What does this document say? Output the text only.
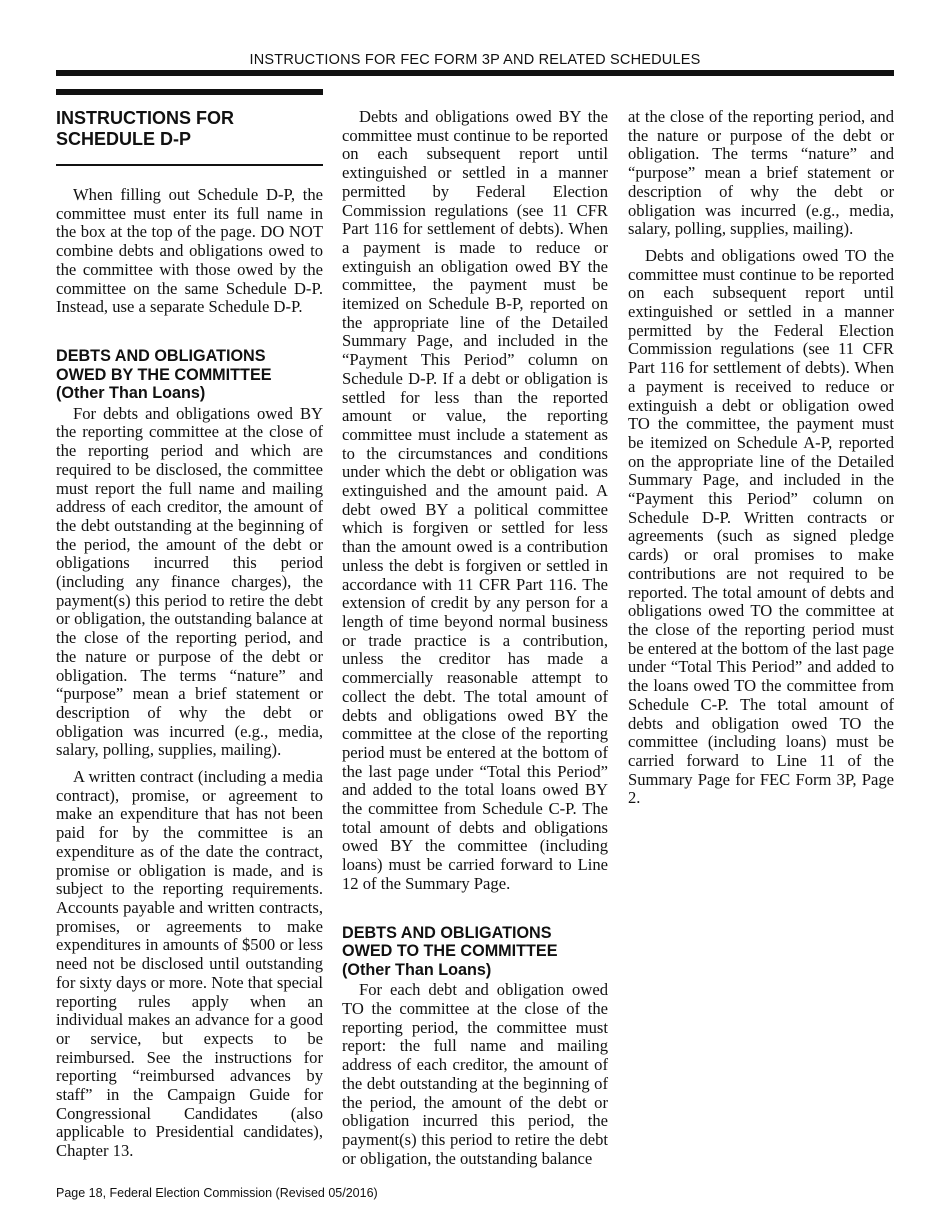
INSTRUCTIONS FOR FEC FORM 3P AND RELATED SCHEDULES
INSTRUCTIONS FOR
SCHEDULE D-P

When filling out Schedule D-P, the committee must enter its full name in the box at the top of the page. DO NOT combine debts and obligations owed to the committee with those owed by the committee on the same Schedule D-P. Instead, use a separate Schedule D-P.

DEBTS AND OBLIGATIONS
OWED BY THE COMMITTEE
(Other Than Loans)

For debts and obligations owed BY the reporting committee at the close of the reporting period and which are required to be disclosed, the committee must report the full name and mailing address of each creditor, the amount of the debt outstanding at the beginning of the period, the amount of the debt or obligations incurred this period (including any finance charges), the payment(s) this period to retire the debt or obligation, the outstanding balance at the close of the reporting period, and the nature or purpose of the debt or obligation. The terms “nature” and “purpose” mean a brief statement or description of why the debt or obligation was incurred (e.g., media, salary, polling, supplies, mailing).

A written contract (including a media contract), promise, or agreement to make an expenditure that has not been paid for by the committee is an expenditure as of the date the contract, promise or obligation is made, and is subject to the reporting requirements. Accounts payable and written contracts, promises, or agreements to make expenditures in amounts of $500 or less need not be disclosed until outstanding for sixty days or more. Note that special reporting rules apply when an individual makes an advance for a good or service, but expects to be reimbursed. See the instructions for reporting “reimbursed advances by staff” in the Campaign Guide for Congressional Candidates (also applicable to Presidential candidates), Chapter 13.

Debts and obligations owed BY the committee must continue to be reported on each subsequent report until extinguished or settled in a manner permitted by Federal Election Commission regulations (see 11 CFR Part 116 for settlement of debts). When a payment is made to reduce or extinguish an obligation owed BY the committee, the payment must be itemized on Schedule B-P, reported on the appropriate line of the Detailed Summary Page, and included in the “Payment This Period” column on Schedule D-P. If a debt or obligation is settled for less than the reported amount or value, the reporting committee must include a statement as to the circumstances and conditions under which the debt or obligation was extinguished and the amount paid. A debt owed BY a political committee which is forgiven or settled for less than the amount owed is a contribution unless the debt is forgiven or settled in accordance with 11 CFR Part 116. The extension of credit by any person for a length of time beyond normal business or trade practice is a contribution, unless the creditor has made a commercially reasonable attempt to collect the debt. The total amount of debts and obligations owed BY the committee at the close of the reporting period must be entered at the bottom of the last page under “Total this Period” and added to the total loans owed BY the committee from Schedule C-P. The total amount of debts and obligations owed BY the committee (including loans) must be carried forward to Line 12 of the Summary Page.

DEBTS AND OBLIGATIONS
OWED TO THE COMMITTEE
(Other Than Loans)

For each debt and obligation owed TO the committee at the close of the reporting period, the committee must report: the full name and mailing address of each creditor, the amount of the debt outstanding at the beginning of the period, the amount of the debt or obligation incurred this period, the payment(s) this period to retire the debt or obligation, the outstanding balance

at the close of the reporting period, and the nature or purpose of the debt or obligation. The terms “nature” and “purpose” mean a brief statement or description of why the debt or obligation was incurred (e.g., media, salary, polling, supplies, mailing).

Debts and obligations owed TO the committee must continue to be reported on each subsequent report until extinguished or settled in a manner permitted by the Federal Election Commission regulations (see 11 CFR Part 116 for settlement of debts). When a payment is received to reduce or extinguish a debt or obligation owed TO the committee, the payment must be itemized on Schedule A-P, reported on the appropriate line of the Detailed Summary Page, and included in the “Payment this Period” column on Schedule D-P. Written contracts or agreements (such as signed pledge cards) or oral promises to make contributions are not required to be reported. The total amount of debts and obligations owed TO the committee at the close of the reporting period must be entered at the bottom of the last page under “Total This Period” and added to the loans owed TO the committee from Schedule C-P. The total amount of debts and obligation owed TO the committee (including loans) must be carried forward to Line 11 of the Summary Page for FEC Form 3P, Page 2.

Page 18, Federal Election Commission (Revised 05/2016)
